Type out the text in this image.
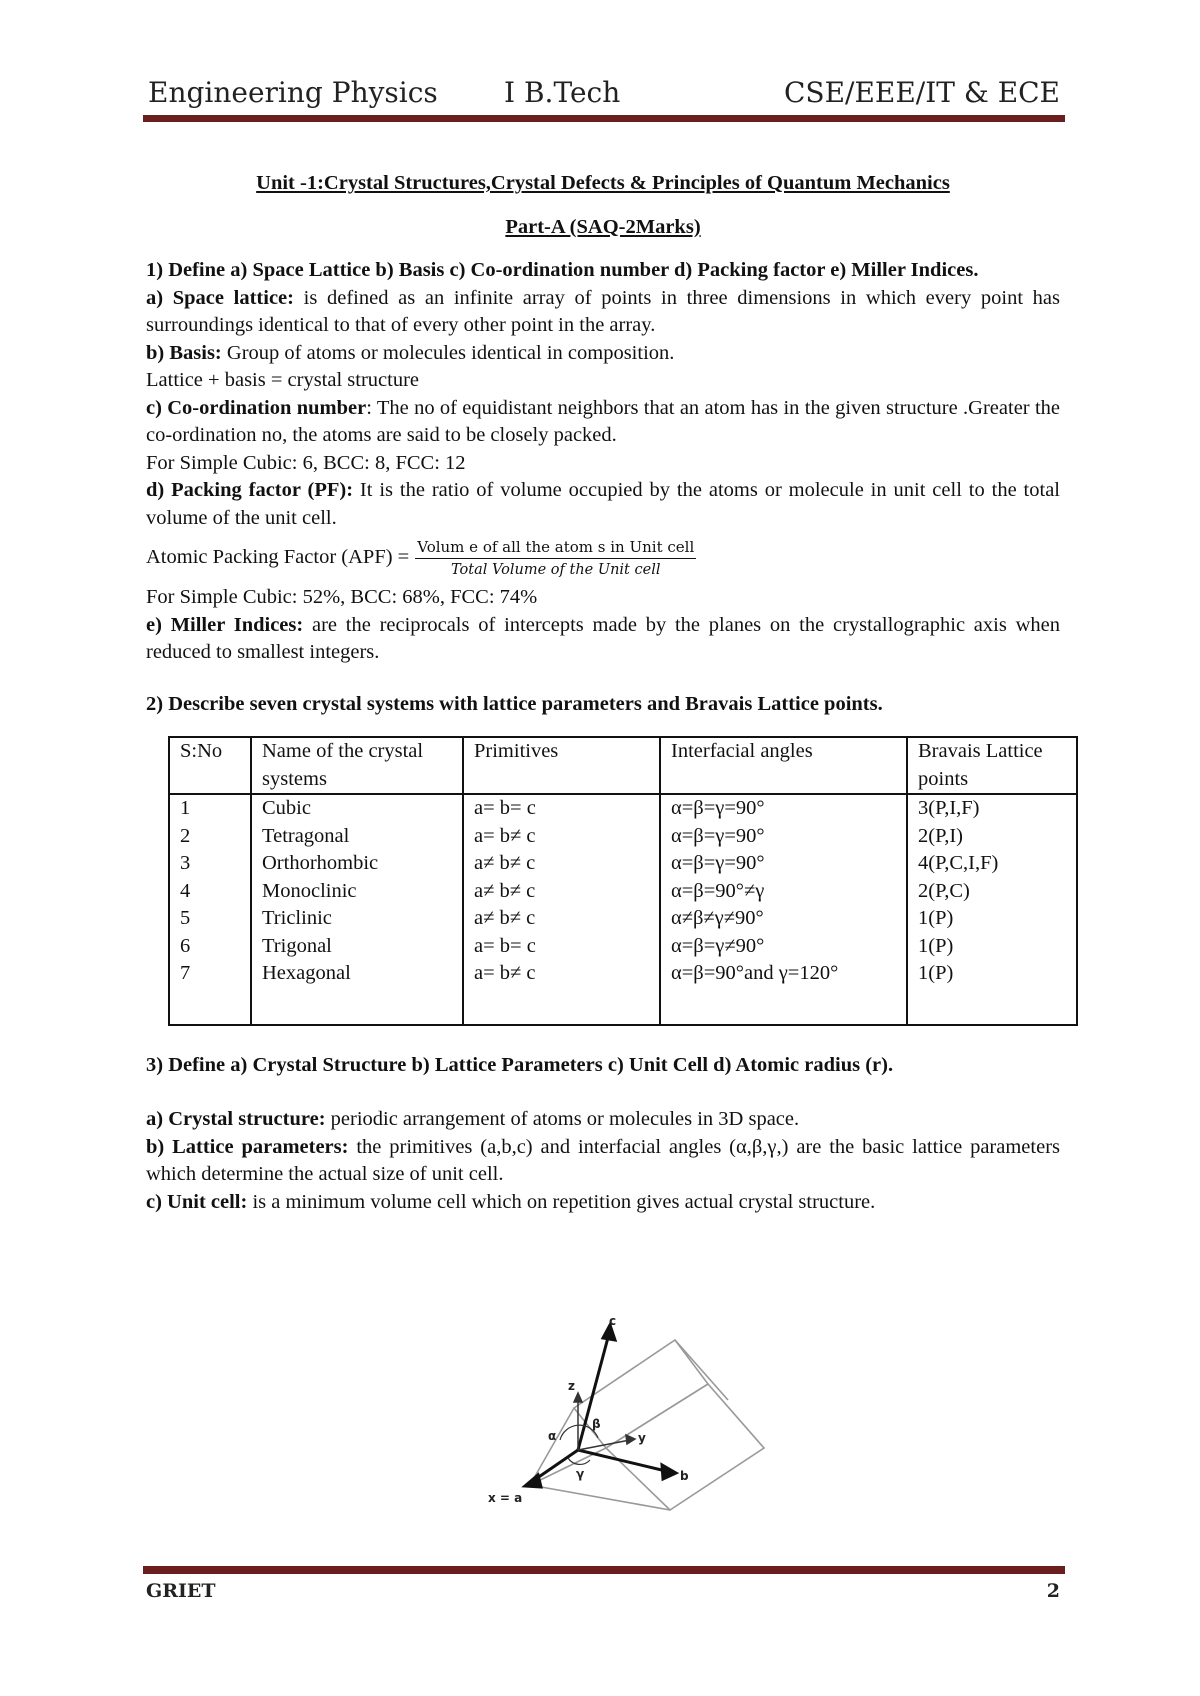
Engineering Physics I B.Tech	CSE/EEE/IT & ECE
Unit -1:Crystal Structures,Crystal Defects & Principles of Quantum Mechanics
Part-A (SAQ-2Marks)
1) Define a) Space Lattice b) Basis c) Co-ordination number d) Packing factor e) Miller Indices.

a) Space lattice: is defined as an infinite array of points in three dimensions in which every point has surroundings identical to that of every other point in the array.

b) Basis: Group of atoms or molecules identical in composition.

Lattice + basis = crystal structure

c) Co-ordination number: The no of equidistant neighbors that an atom has in the given structure .Greater the co-ordination no, the atoms are said to be closely packed.

For Simple Cubic: 6, BCC: 8, FCC: 12

d) Packing factor (PF): It is the ratio of volume occupied by the atoms or molecule in unit cell to the total volume of the unit cell.

Atomic Packing Factor $(APF) = \frac{\text{Volum e of all the atom s in Unit cell}}{\text{Total Volume of the Unit cell}}$

For Simple Cubic: 52%, BCC: 68%, FCC: 74%

e) Miller Indices: are the reciprocals of intercepts made by the planes on the crystallographic axis when reduced to smallest integers.

2) Describe seven crystal systems with lattice parameters and Bravais Lattice points.
S:No	Name of the crystal systems	Primitives	Interfacial angles	Bravais Lattice points
1	Cubic	a= b= c	α=β=γ=90°	3(P,I,F)
2	Tetragonal	a= b≠ c	α=β=γ=90°	2(P,I)
3	Orthorhombic	a≠ b≠ c	α=β=γ=90°	4(P,C,I,F)
4	Monoclinic	a≠ b≠ c	α=β=90°≠γ	2(P,C)
5	Triclinic	a≠ b≠ c	α≠β≠γ≠90°	1(P)
6	Trigonal	a= b= c	α=β=γ≠90°	1(P)
7	Hexagonal	a= b≠ c	α=β=90°and γ=120°	1(P)
3) Define a) Crystal Structure b) Lattice Parameters c) Unit Cell d) Atomic radius (r).

a) Crystal structure: periodic arrangement of atoms or molecules in 3D space.

b) Lattice parameters: the primitives (a,b,c) and interfacial angles (α,β,γ,) are the basic lattice parameters which determine the actual size of unit cell.

c) Unit cell: is a minimum volume cell which on repetition gives actual crystal structure.

c
z
y
b
x = a
α
β
γ
GRIET	2
